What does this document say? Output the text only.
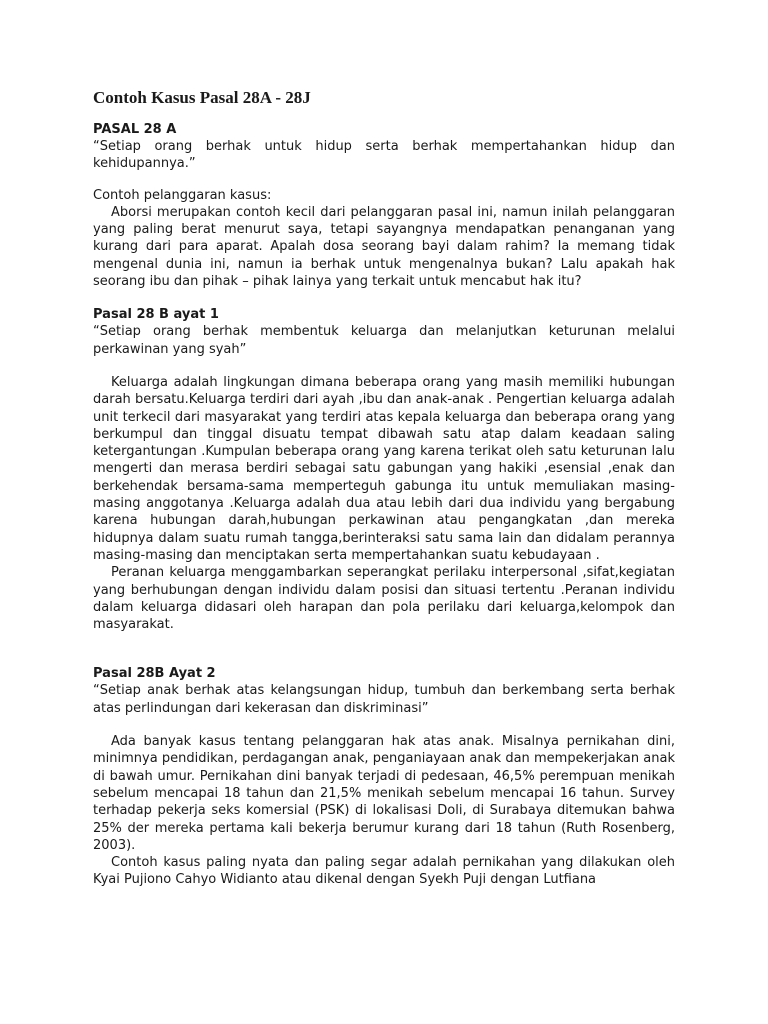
Contoh Kasus Pasal 28A - 28J

PASAL 28 A

“Setiap orang berhak untuk hidup serta berhak mempertahankan hidup dan kehidupannya.”

Contoh pelanggaran kasus:

Aborsi merupakan contoh kecil dari pelanggaran pasal ini, namun inilah pelanggaran yang paling berat menurut saya, tetapi sayangnya mendapatkan penanganan yang kurang dari para aparat. Apalah dosa seorang bayi dalam rahim? Ia memang tidak mengenal dunia ini, namun ia berhak untuk mengenalnya bukan? Lalu apakah hak seorang ibu dan pihak – pihak lainya yang terkait untuk mencabut hak itu?

Pasal 28 B ayat 1

“Setiap orang berhak membentuk keluarga dan melanjutkan keturunan melalui perkawinan yang syah”

Keluarga adalah lingkungan dimana beberapa orang yang masih memiliki hubungan darah bersatu.Keluarga terdiri dari ayah ,ibu dan anak-anak . Pengertian keluarga adalah unit terkecil dari masyarakat yang terdiri atas kepala keluarga dan beberapa orang yang berkumpul dan tinggal disuatu tempat dibawah satu atap dalam keadaan saling ketergantungan .Kumpulan beberapa orang yang karena terikat oleh satu keturunan lalu mengerti dan merasa berdiri sebagai satu gabungan yang hakiki ,esensial ,enak dan berkehendak bersama-sama memperteguh gabunga itu untuk memuliakan masing-masing anggotanya .Keluarga adalah dua atau lebih dari dua individu yang bergabung karena hubungan darah,hubungan perkawinan atau pengangkatan ,dan mereka hidupnya dalam suatu rumah tangga,berinteraksi satu sama lain dan didalam perannya masing-masing dan menciptakan serta mempertahankan suatu kebudayaan .

Peranan keluarga menggambarkan seperangkat perilaku interpersonal ,sifat,kegiatan yang berhubungan dengan individu dalam posisi dan situasi tertentu .Peranan individu dalam keluarga didasari oleh harapan dan pola perilaku dari keluarga,kelompok dan masyarakat.

Pasal 28B Ayat 2

“Setiap anak berhak atas kelangsungan hidup, tumbuh dan berkembang serta berhak atas perlindungan dari kekerasan dan diskriminasi”

Ada banyak kasus tentang pelanggaran hak atas anak. Misalnya pernikahan dini, minimnya pendidikan, perdagangan anak, penganiayaan anak dan mempekerjakan anak di bawah umur. Pernikahan dini banyak terjadi di pedesaan, 46,5% perempuan menikah sebelum mencapai 18 tahun dan 21,5% menikah sebelum mencapai 16 tahun. Survey terhadap pekerja seks komersial (PSK) di lokalisasi Doli, di Surabaya ditemukan bahwa 25% der mereka pertama kali bekerja berumur kurang dari 18 tahun (Ruth Rosenberg, 2003).

Contoh kasus paling nyata dan paling segar adalah pernikahan yang dilakukan oleh Kyai Pujiono Cahyo Widianto atau dikenal dengan Syekh Puji dengan Lutfiana
